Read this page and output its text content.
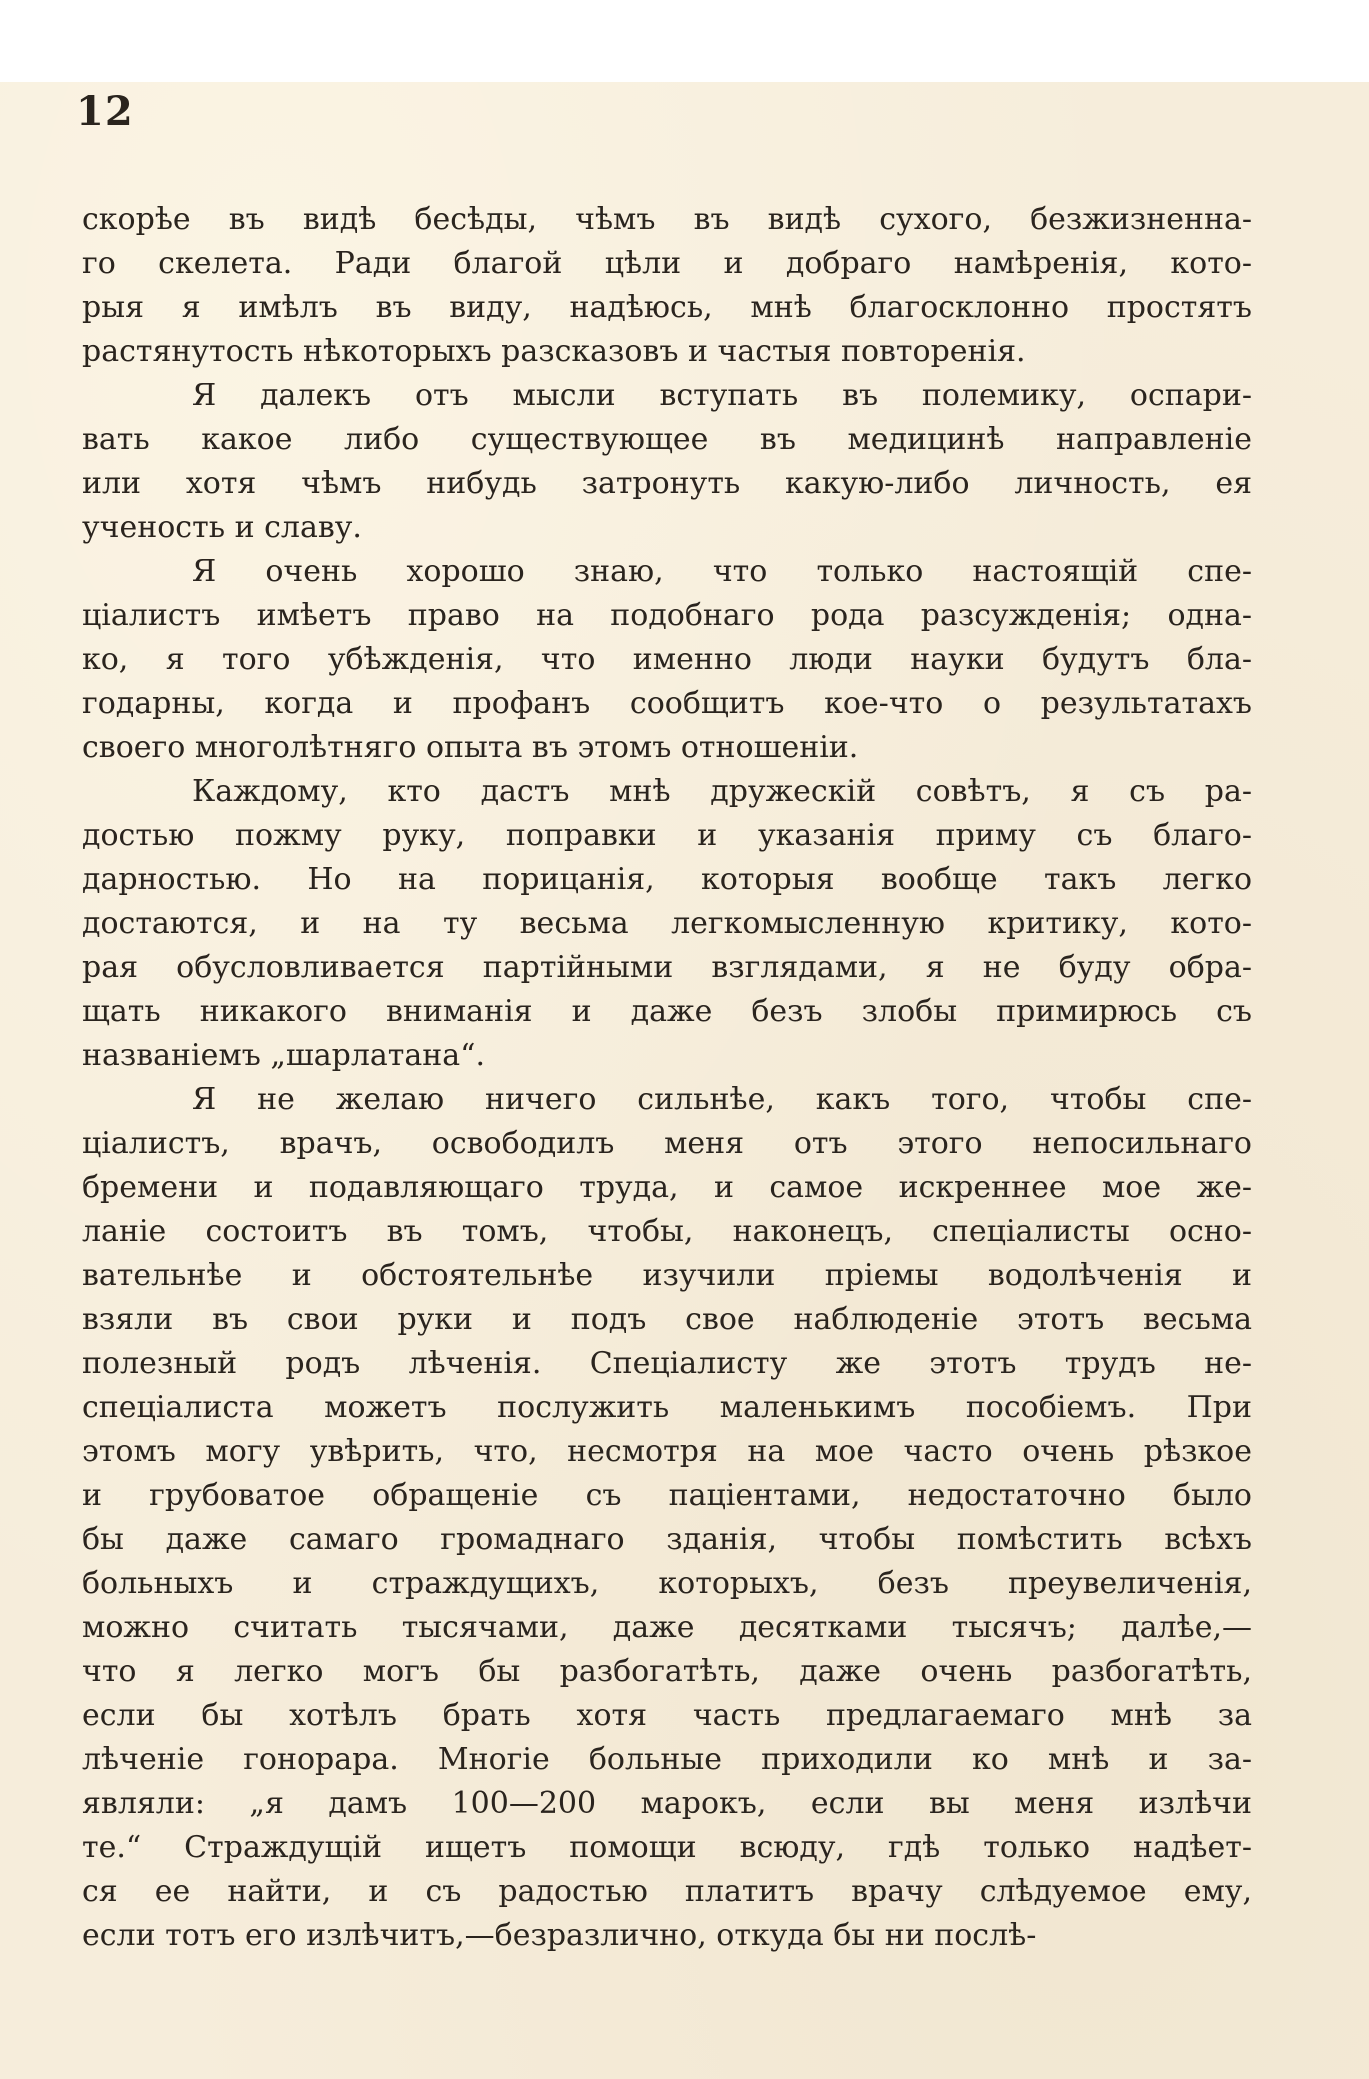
12
скорѣе въ видѣ бесѣды, чѣмъ въ видѣ сухого, безжизненна-
го скелета. Ради благой цѣли и добраго намѣренія, кото-
рыя я имѣлъ въ виду, надѣюсь, мнѣ благосклонно простятъ
растянутость нѣкоторыхъ разсказовъ и частыя повторенія.
Я далекъ отъ мысли вступать въ полемику, оспари-
вать какое либо существующее въ медицинѣ направленіе
или хотя чѣмъ нибудь затронуть какую-либо личность, ея
ученость и славу.
Я очень хорошо знаю, что только настоящій спе-
ціалистъ имѣетъ право на подобнаго рода разсужденія; одна-
ко, я того убѣжденія, что именно люди науки будутъ бла-
годарны, когда и профанъ сообщитъ кое-что о результатахъ
своего многолѣтняго опыта въ этомъ отношеніи.
Каждому, кто дастъ мнѣ дружескій совѣтъ, я съ ра-
достью пожму руку, поправки и указанія приму съ благо-
дарностью. Но на порицанія, которыя вообще такъ легко
достаются, и на ту весьма легкомысленную критику, кото-
рая обусловливается партійными взглядами, я не буду обра-
щать никакого вниманія и даже безъ злобы примирюсь съ
названіемъ „шарлатана“.
Я не желаю ничего сильнѣе, какъ того, чтобы спе-
ціалистъ, врачъ, освободилъ меня отъ этого непосильнаго
бремени и подавляющаго труда, и самое искреннее мое же-
ланіе состоитъ въ томъ, чтобы, наконецъ, спеціалисты осно-
вательнѣе и обстоятельнѣе изучили пріемы водолѣченія и
взяли въ свои руки и подъ свое наблюденіе этотъ весьма
полезный родъ лѣченія. Спеціалисту же этотъ трудъ не-
спеціалиста можетъ послужить маленькимъ пособіемъ. При
этомъ могу увѣрить, что, несмотря на мое часто очень рѣзкое
и грубоватое обращеніе съ паціентами, недостаточно было
бы даже самаго громаднаго зданія, чтобы помѣстить всѣхъ
больныхъ и страждущихъ, которыхъ, безъ преувеличенія,
можно считать тысячами, даже десятками тысячъ; далѣе,—
что я легко могъ бы разбогатѣть, даже очень разбогатѣть,
если бы хотѣлъ брать хотя часть предлагаемаго мнѣ за
лѣченіе гонорара. Многіе больные приходили ко мнѣ и за-
являли: „я дамъ 100—200 марокъ, если вы меня излѣчи
те.“ Страждущій ищетъ помощи всюду, гдѣ только надѣет-
ся ее найти, и съ радостью платитъ врачу слѣдуемое ему,
если тотъ его излѣчитъ,—безразлично, откуда бы ни послѣ-
